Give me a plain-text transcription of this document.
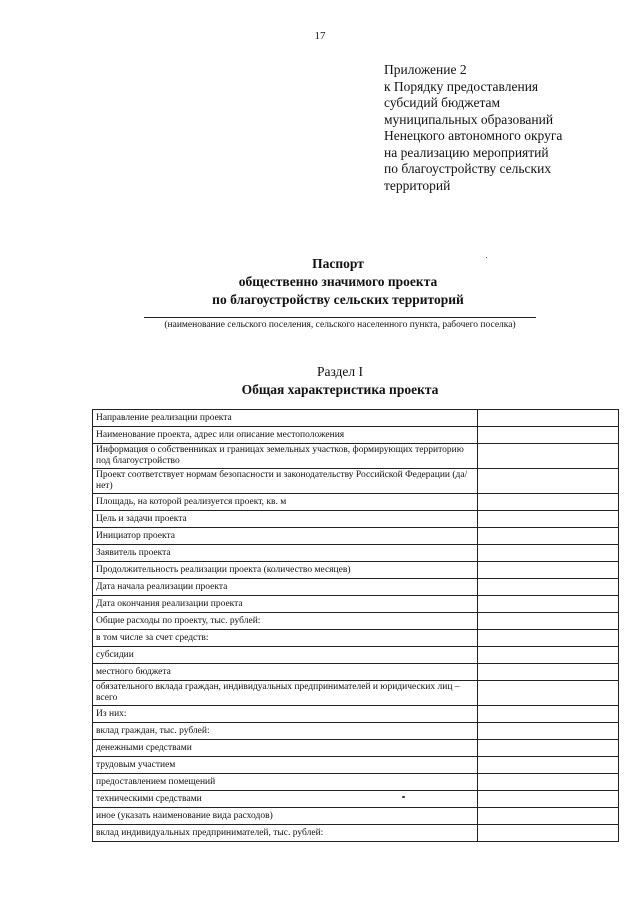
17
Приложение 2
к Порядку предоставления
субсидий бюджетам
муниципальных образований
Ненецкого автономного округа
на реализацию мероприятий
по благоустройству сельских
территорий
Паспорт
общественно значимого проекта
по благоустройству сельских территорий
(наименование сельского поселения, сельского населенного пункта, рабочего поселка)
Раздел I
Общая характеристика проекта
Направление реализации проекта	
Наименование проекта, адрес или описание местоположения	
Информация о собственниках и границах земельных участков, формирующих территорию под благоустройство	
Проект соответствует нормам безопасности и законодательству Российской Федерации (да/нет)	
Площадь, на которой реализуется проект, кв. м	
Цель и задачи проекта	
Инициатор проекта	
Заявитель проекта	
Продолжительность реализации проекта (количество месяцев)	
Дата начала реализации проекта	
Дата окончания реализации проекта	
Общие расходы по проекту, тыс. рублей:	
в том числе за счет средств:	
субсидии	
местного бюджета	
обязательного вклада граждан, индивидуальных предпринимателей и юридических лиц – всего	
Из них:	
вклад граждан, тыс. рублей:	
денежными средствами	
трудовым участием	
предоставлением помещений	
техническими средствами	
иное (указать наименование вида расходов)	
вклад индивидуальных предпринимателей, тыс. рублей:	
